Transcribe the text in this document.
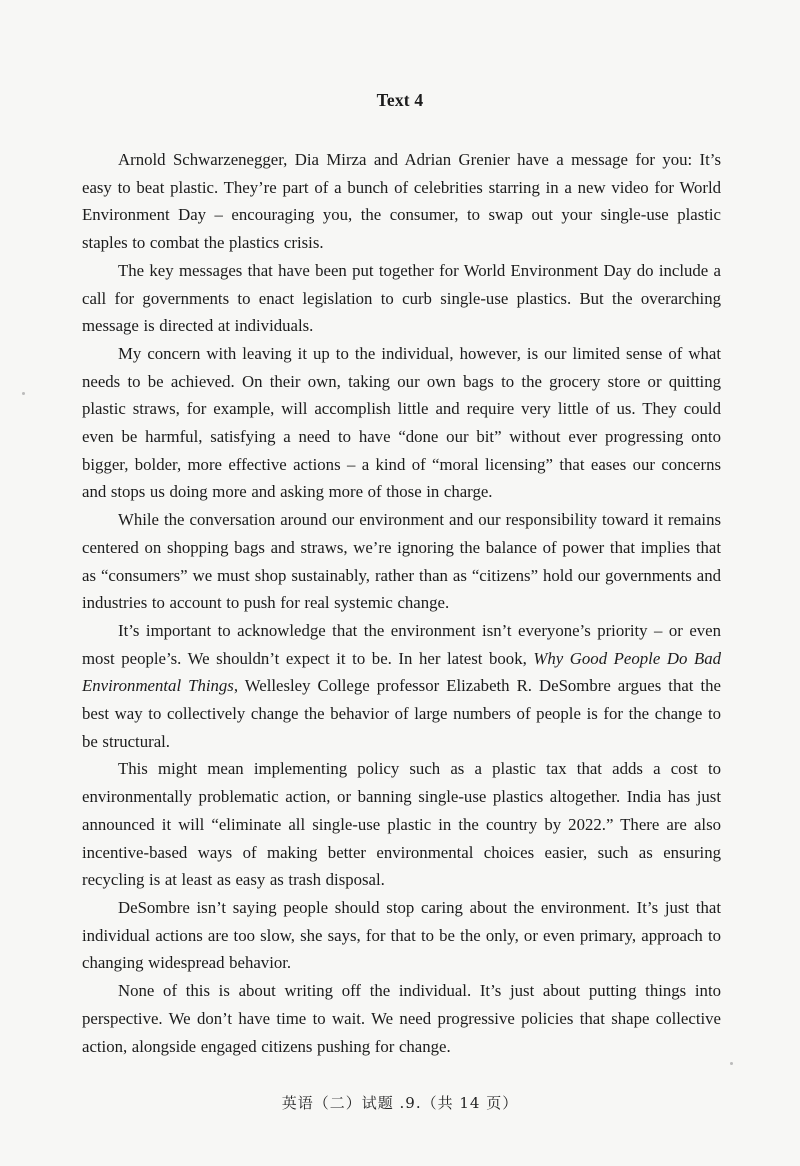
Text 4

Arnold Schwarzenegger, Dia Mirza and Adrian Grenier have a message for you: It’s easy to beat plastic. They’re part of a bunch of celebrities starring in a new video for World Environment Day – encouraging you, the consumer, to swap out your single-use plastic staples to combat the plastics crisis.

The key messages that have been put together for World Environment Day do include a call for governments to enact legislation to curb single-use plastics. But the overarching message is directed at individuals.

My concern with leaving it up to the individual, however, is our limited sense of what needs to be achieved. On their own, taking our own bags to the grocery store or quitting plastic straws, for example, will accomplish little and require very little of us. They could even be harmful, satisfying a need to have “done our bit” without ever progressing onto bigger, bolder, more effective actions – a kind of “moral licensing” that eases our concerns and stops us doing more and asking more of those in charge.

While the conversation around our environment and our responsibility toward it remains centered on shopping bags and straws, we’re ignoring the balance of power that implies that as “consumers” we must shop sustainably, rather than as “citizens” hold our governments and industries to account to push for real systemic change.

It’s important to acknowledge that the environment isn’t everyone’s priority – or even most people’s. We shouldn’t expect it to be. In her latest book, Why Good People Do Bad Environmental Things, Wellesley College professor Elizabeth R. DeSombre argues that the best way to collectively change the behavior of large numbers of people is for the change to be structural.

This might mean implementing policy such as a plastic tax that adds a cost to environmentally problematic action, or banning single-use plastics altogether. India has just announced it will “eliminate all single-use plastic in the country by 2022.” There are also incentive-based ways of making better environmental choices easier, such as ensuring recycling is at least as easy as trash disposal.

DeSombre isn’t saying people should stop caring about the environment. It’s just that individual actions are too slow, she says, for that to be the only, or even primary, approach to changing widespread behavior.

None of this is about writing off the individual. It’s just about putting things into perspective. We don’t have time to wait. We need progressive policies that shape collective action, alongside engaged citizens pushing for change.

英语（二）试题 .9.（共 14 页）
